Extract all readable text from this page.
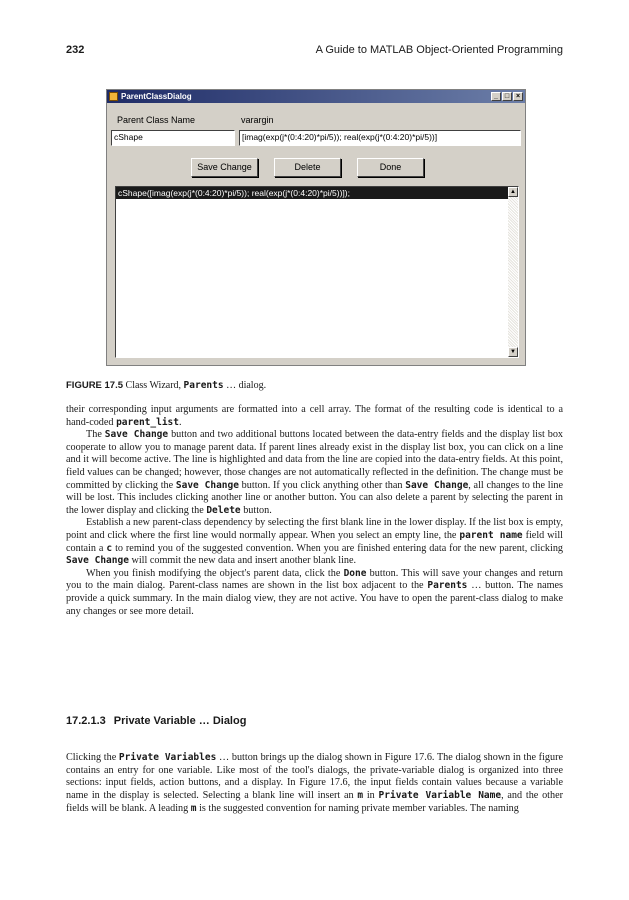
232	A Guide to MATLAB Object-Oriented Programming
ParentClassDialog	_ □ ×
Parent Class Name	varargin
cShape	[imag(exp(j*(0:4:20)*pi/5)); real(exp(j*(0:4:20)*pi/5))]
Save Change	Delete	Done
cShape([imag(exp(j*(0:4:20)*pi/5)); real(exp(j*(0:4:20)*pi/5))]);	▲
▼
FIGURE 17.5 Class Wizard, Parents … dialog.

their corresponding input arguments are formatted into a cell array. The format of the resulting code is identical to a hand-coded parent_list.

The Save Change button and two additional buttons located between the data-entry fields and the display list box cooperate to allow you to manage parent data. If parent lines already exist in the display list box, you can click on a line and it will become active. The line is highlighted and data from the line are copied into the data-entry fields. At this point, field values can be changed; however, those changes are not automatically reflected in the definition. The change must be committed by clicking the Save Change button. If you click anything other than Save Change, all changes to the line will be lost. This includes clicking another line or another button. You can also delete a parent by selecting the parent in the lower display and clicking the Delete button.

Establish a new parent-class dependency by selecting the first blank line in the lower display. If the list box is empty, point and click where the first line would normally appear. When you select an empty line, the parent name field will contain a c to remind you of the suggested convention. When you are finished entering data for the new parent, clicking Save Change will commit the new data and insert another blank line.

When you finish modifying the object's parent data, click the Done button. This will save your changes and return you to the main dialog. Parent-class names are shown in the list box adjacent to the Parents … button. The names provide a quick summary. In the main dialog view, they are not active. You have to open the parent-class dialog to make any changes or see more detail.

17.2.1.3 Private Variable … Dialog

Clicking the Private Variables … button brings up the dialog shown in Figure 17.6. The dialog shown in the figure contains an entry for one variable. Like most of the tool's dialogs, the private-variable dialog is organized into three sections: input fields, action buttons, and a display. In Figure 17.6, the input fields contain values because a variable name in the display is selected. Selecting a blank line will insert an m in Private Variable Name, and the other fields will be blank. A leading m is the suggested convention for naming private member variables. The naming
